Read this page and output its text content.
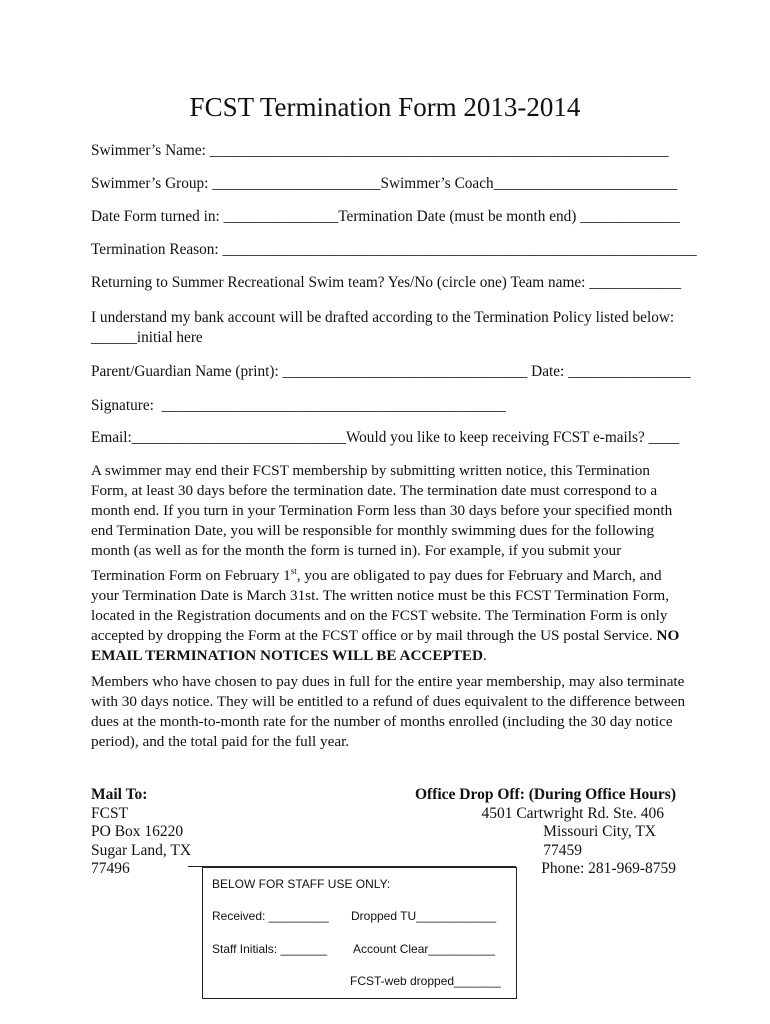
FCST Termination Form 2013-2014
Swimmer’s Name: ____________________________________________________________
Swimmer’s Group: ______________________Swimmer’s Coach________________________
Date Form turned in: _______________Termination Date (must be month end) _____________
Termination Reason: ______________________________________________________________
Returning to Summer Recreational Swim team? Yes/No (circle one) Team name: ____________
I understand my bank account will be drafted according to the Termination Policy listed below:
______initial here
Parent/Guardian Name (print): ________________________________ Date: ________________
Signature:  _____________________________________________
Email:____________________________Would you like to keep receiving FCST e-mails? ____
A swimmer may end their FCST membership by submitting written notice, this Termination Form, at least 30 days before the termination date. The termination date must correspond to a month end. If you turn in your Termination Form less than 30 days before your specified month end Termination Date, you will be responsible for monthly swimming dues for the following month (as well as for the month the form is turned in). For example, if you submit your Termination Form on February 1st, you are obligated to pay dues for February and March, and your Termination Date is March 31st. The written notice must be this FCST Termination Form, located in the Registration documents and on the FCST website. The Termination Form is only accepted by dropping the Form at the FCST office or by mail through the US postal Service. NO EMAIL TERMINATION NOTICES WILL BE ACCEPTED.
Members who have chosen to pay dues in full for the entire year membership, may also terminate with 30 days notice. They will be entitled to a refund of dues equivalent to the difference between dues at the month-to-month rate for the number of months enrolled (including the 30 day notice period), and the total paid for the full year.
Mail To:
FCST
PO Box 16220
Sugar Land, TX
77496
Office Drop Off: (During Office Hours)
4501 Cartwright Rd. Ste. 406
Missouri City, TX
77459
Phone: 281-969-8759
BELOW FOR STAFF USE ONLY:
Received: _________ Dropped TU____________
Staff Initials: _______ Account Clear__________
FCST-web dropped_______
